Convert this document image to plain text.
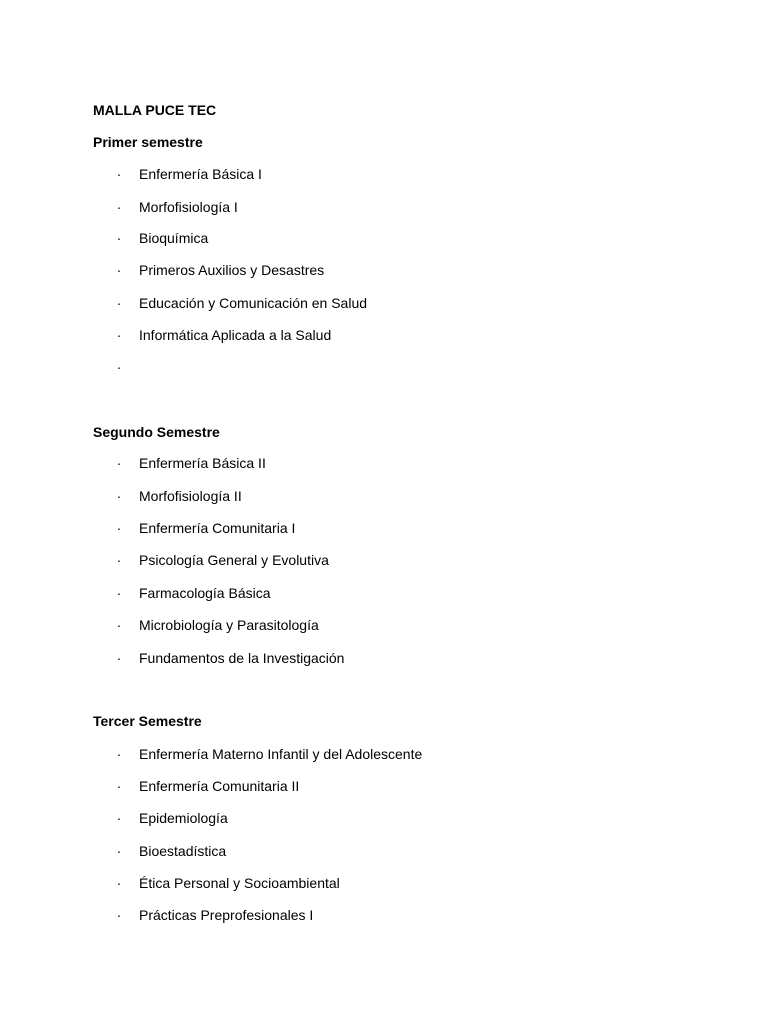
MALLA PUCE TEC
Primer semestre
· Enfermería Básica I
· Morfofisiología I
· Bioquímica
· Primeros Auxilios y Desastres
· Educación y Comunicación en Salud
· Informática Aplicada a la Salud
·
Segundo Semestre
· Enfermería Básica II
· Morfofisiología II
· Enfermería Comunitaria I
· Psicología General y Evolutiva
· Farmacología Básica
· Microbiología y Parasitología
· Fundamentos de la Investigación
Tercer Semestre
· Enfermería Materno Infantil y del Adolescente
· Enfermería Comunitaria II
· Epidemiología
· Bioestadística
· Ética Personal y Socioambiental
· Prácticas Preprofesionales I
